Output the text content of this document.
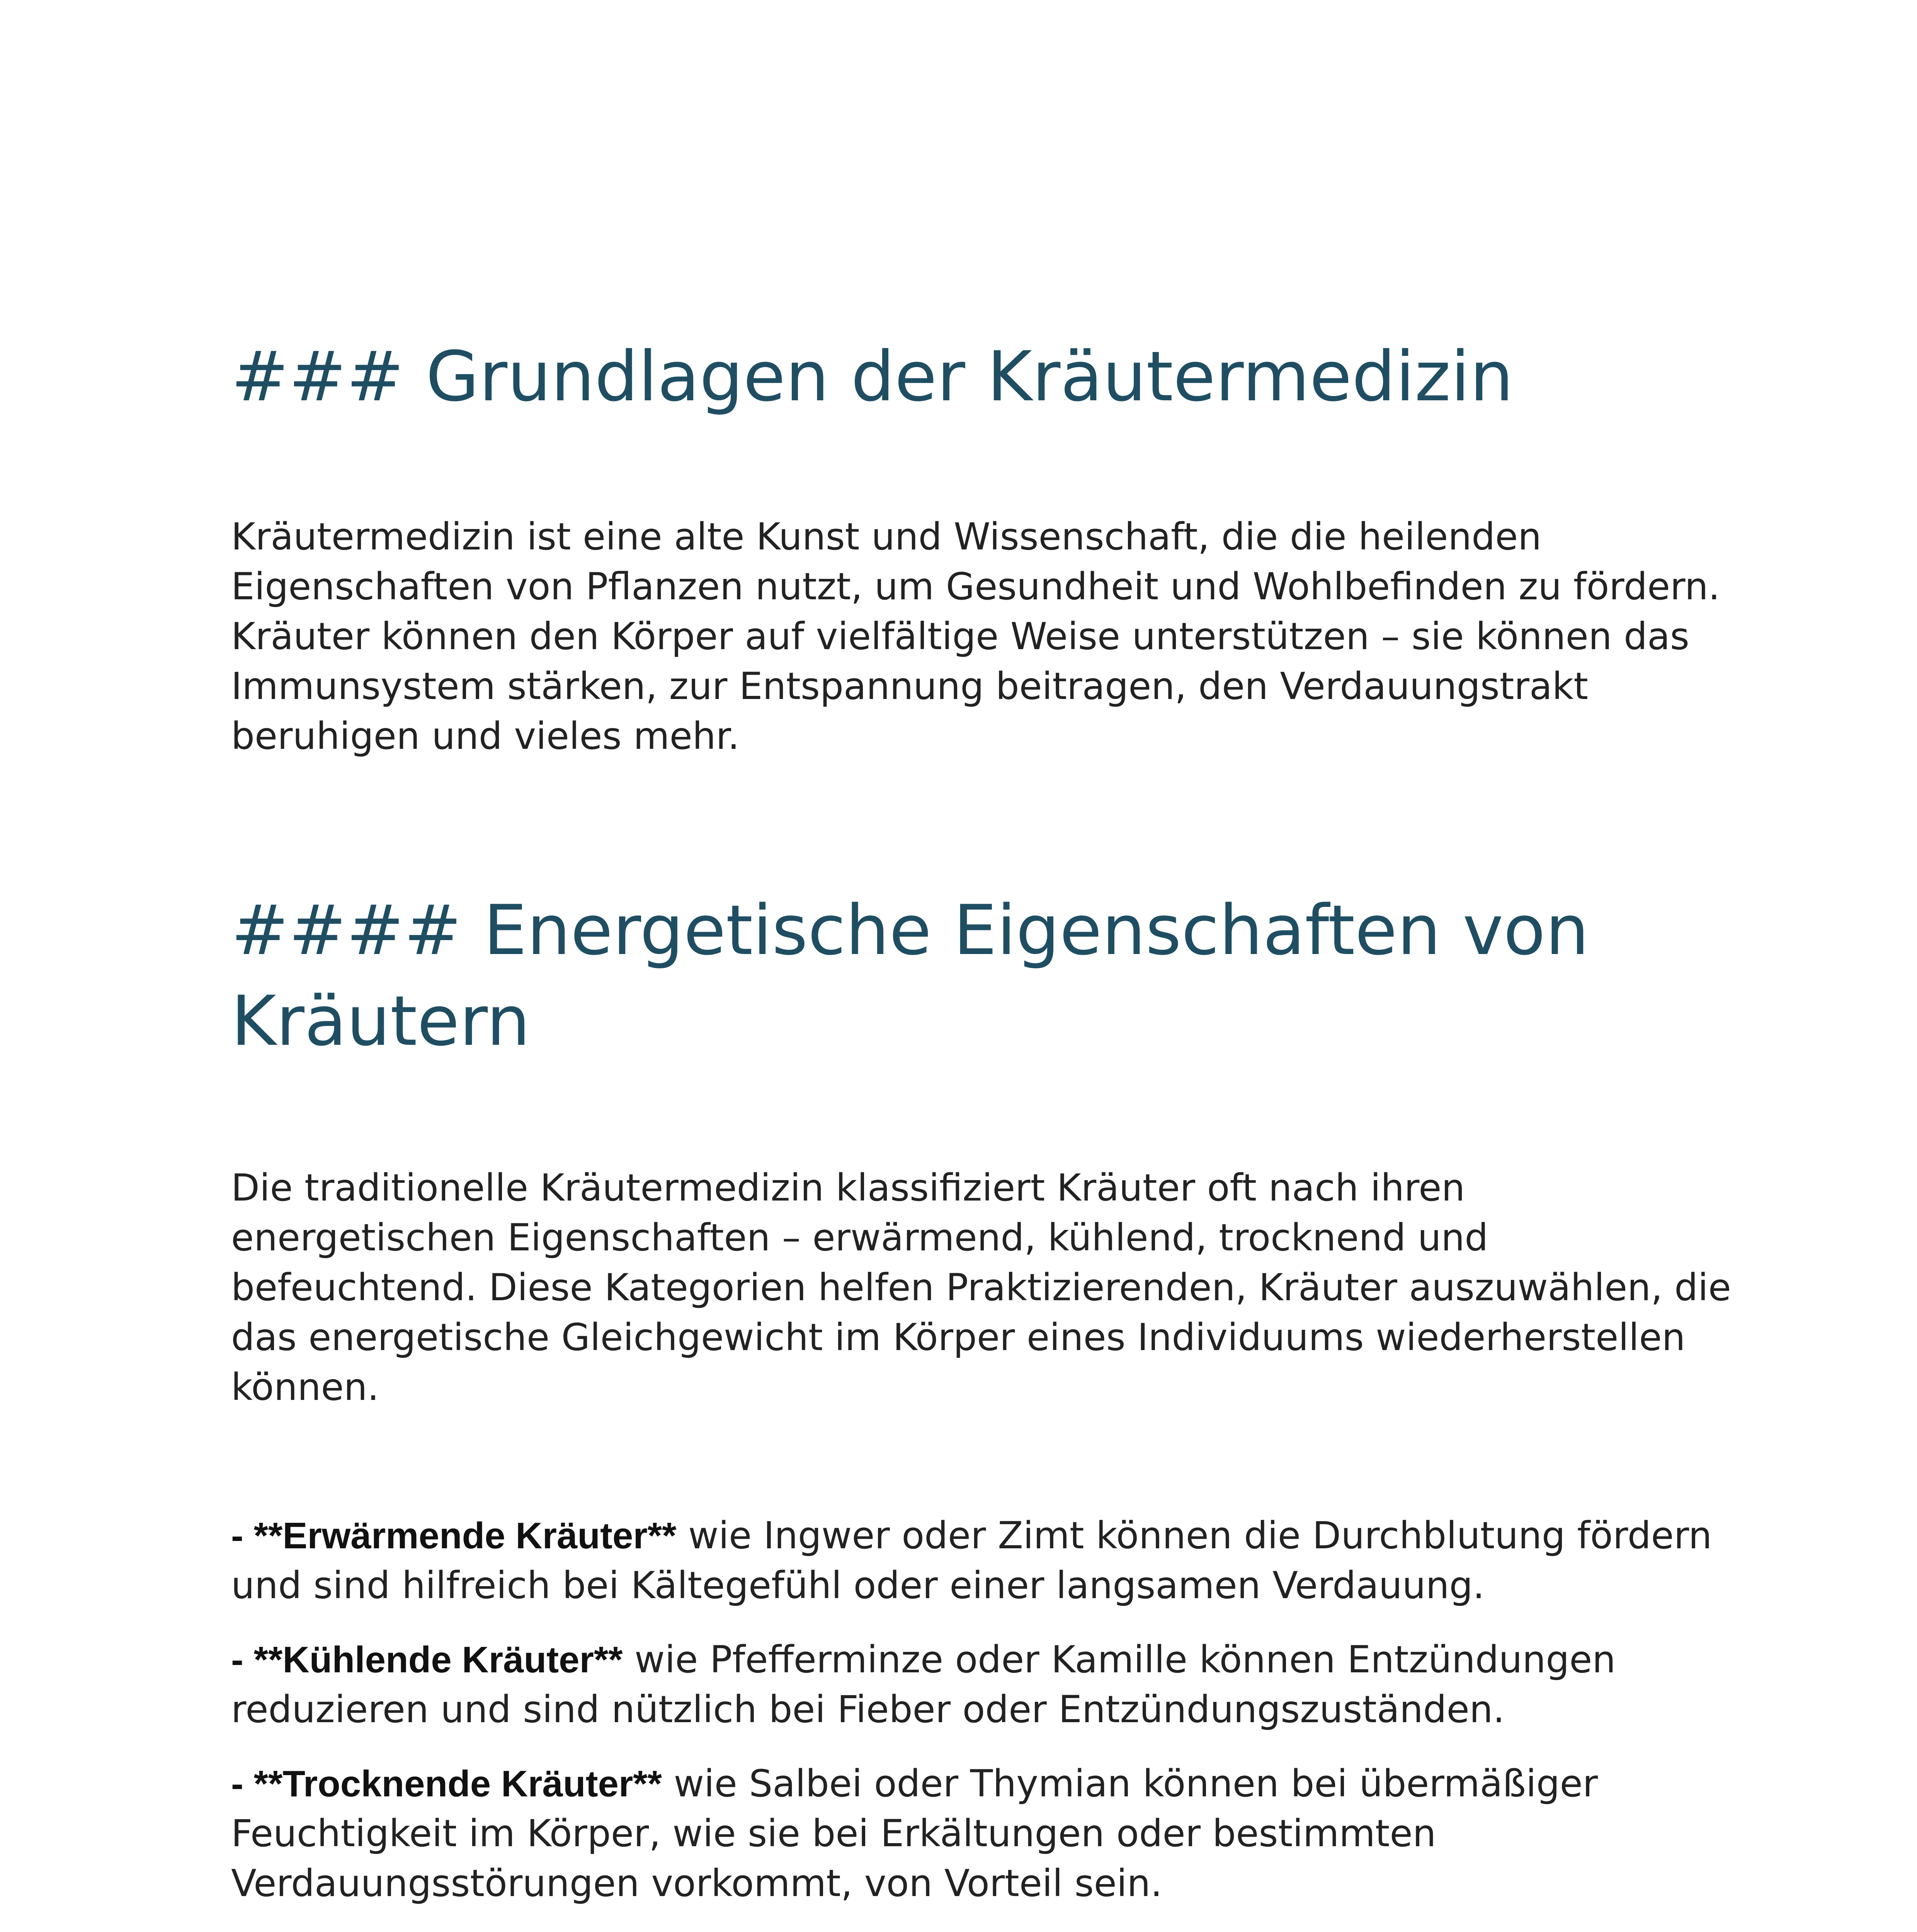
### Grundlagen der Kräutermedizin

Kräutermedizin ist eine alte Kunst und Wissenschaft, die die heilenden Eigenschaften von Pflanzen nutzt, um Gesundheit und Wohlbefinden zu fördern. Kräuter können den Körper auf vielfältige Weise unterstützen – sie können das Immunsystem stärken, zur Entspannung beitragen, den Verdauungstrakt beruhigen und vieles mehr.

#### Energetische Eigenschaften von Kräutern

Die traditionelle Kräutermedizin klassifiziert Kräuter oft nach ihren energetischen Eigenschaften – erwärmend, kühlend, trocknend und befeuchtend. Diese Kategorien helfen Praktizierenden, Kräuter auszuwählen, die das energetische Gleichgewicht im Körper eines Individuums wiederherstellen können.

- **Erwärmende Kräuter** wie Ingwer oder Zimt können die Durchblutung fördern und sind hilfreich bei Kältegefühl oder einer langsamen Verdauung.
- **Kühlende Kräuter** wie Pfefferminze oder Kamille können Entzündungen reduzieren und sind nützlich bei Fieber oder Entzündungszuständen.
- **Trocknende Kräuter** wie Salbei oder Thymian können bei übermäßiger Feuchtigkeit im Körper, wie sie bei Erkältungen oder bestimmten Verdauungsstörungen vorkommt, von Vorteil sein.
